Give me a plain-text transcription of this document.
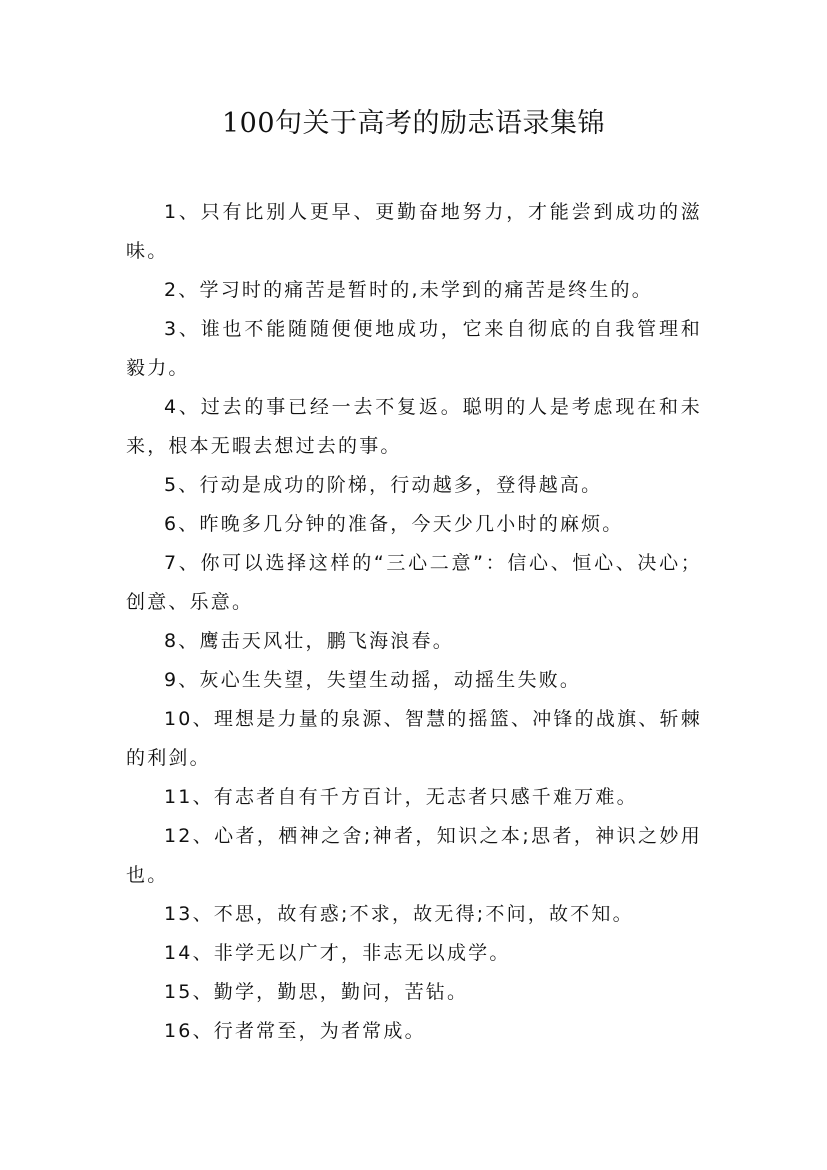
100句关于高考的励志语录集锦

1、只有比别人更早、更勤奋地努力，才能尝到成功的滋味。

2、学习时的痛苦是暂时的,未学到的痛苦是终生的。

3、谁也不能随随便便地成功，它来自彻底的自我管理和毅力。

4、过去的事已经一去不复返。聪明的人是考虑现在和未来，根本无暇去想过去的事。

5、行动是成功的阶梯，行动越多，登得越高。

6、昨晚多几分钟的准备，今天少几小时的麻烦。

7、你可以选择这样的“三心二意”：信心、恒心、决心；创意、乐意。

8、鹰击天风壮，鹏飞海浪春。

9、灰心生失望，失望生动摇，动摇生失败。

10、理想是力量的泉源、智慧的摇篮、冲锋的战旗、斩棘的利剑。

11、有志者自有千方百计，无志者只感千难万难。

12、心者，栖神之舍;神者，知识之本;思者，神识之妙用也。

13、不思，故有惑;不求，故无得;不问，故不知。

14、非学无以广才，非志无以成学。

15、勤学，勤思，勤问，苦钻。

16、行者常至，为者常成。
